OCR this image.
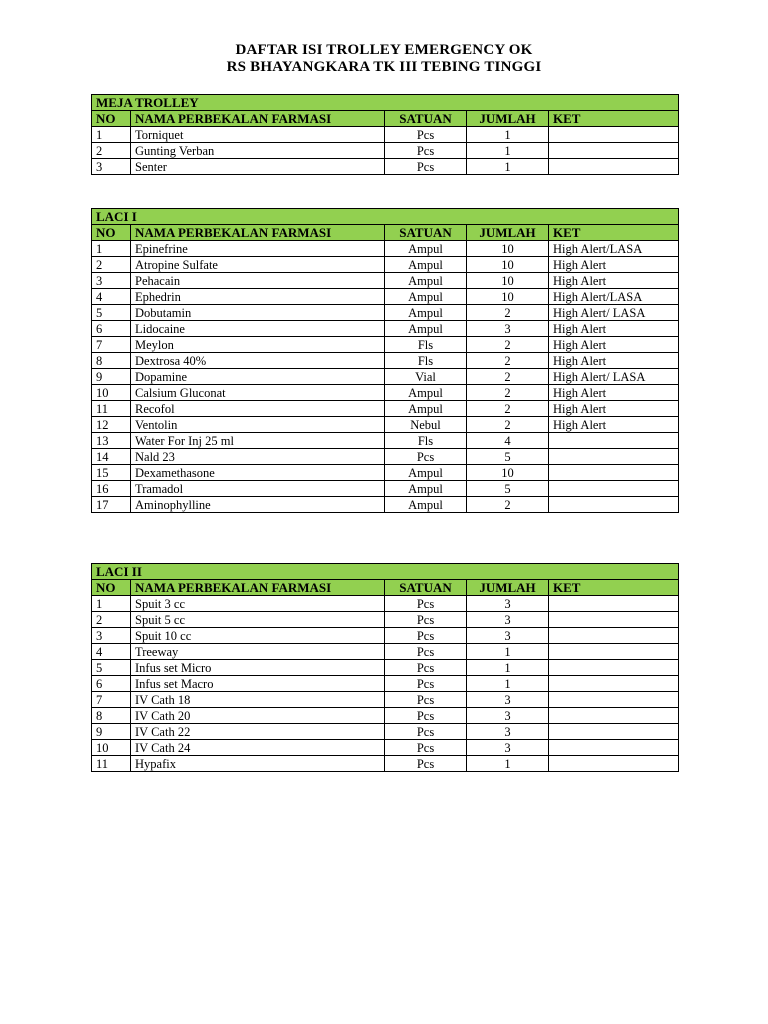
DAFTAR ISI TROLLEY EMERGENCY OK
RS BHAYANGKARA TK III TEBING TINGGI
MEJA TROLLEY				
NO	NAMA PERBEKALAN FARMASI	SATUAN	JUMLAH	KET
1	Torniquet	Pcs	1	
2	Gunting Verban	Pcs	1	
3	Senter	Pcs	1	
LACI I				
NO	NAMA PERBEKALAN FARMASI	SATUAN	JUMLAH	KET
1	Epinefrine	Ampul	10	High Alert/LASA
2	Atropine Sulfate	Ampul	10	High Alert
3	Pehacain	Ampul	10	High Alert
4	Ephedrin	Ampul	10	High Alert/LASA
5	Dobutamin	Ampul	2	High Alert/ LASA
6	Lidocaine	Ampul	3	High Alert
7	Meylon	Fls	2	High Alert
8	Dextrosa 40%	Fls	2	High Alert
9	Dopamine	Vial	2	High Alert/ LASA
10	Calsium Gluconat	Ampul	2	High Alert
11	Recofol	Ampul	2	High Alert
12	Ventolin	Nebul	2	High Alert
13	Water For Inj 25 ml	Fls	4	
14	Nald 23	Pcs	5	
15	Dexamethasone	Ampul	10	
16	Tramadol	Ampul	5	
17	Aminophylline	Ampul	2	
LACI II				
NO	NAMA PERBEKALAN FARMASI	SATUAN	JUMLAH	KET
1	Spuit 3 cc	Pcs	3	
2	Spuit 5 cc	Pcs	3	
3	Spuit 10 cc	Pcs	3	
4	Treeway	Pcs	1	
5	Infus set Micro	Pcs	1	
6	Infus set Macro	Pcs	1	
7	IV Cath 18	Pcs	3	
8	IV Cath 20	Pcs	3	
9	IV Cath 22	Pcs	3	
10	IV Cath 24	Pcs	3	
11	Hypafix	Pcs	1	
